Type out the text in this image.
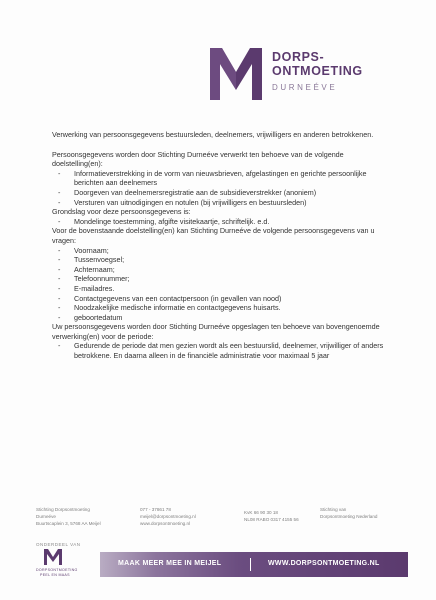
DORPS-
ONTMOETING
DURNEÉVE

Verwerking van persoonsgegevens bestuursleden, deelnemers, vrijwilligers en anderen betrokkenen.

Persoonsgegevens worden door Stichting Durneéve verwerkt ten behoeve van de volgende doelstelling(en):

- Informatieverstrekking in de vorm van nieuwsbrieven, afgelastingen en gerichte persoonlijke berichten aan deelnemers
- Doorgeven van deelnemersregistratie aan de subsidieverstrekker (anoniem)
- Versturen van uitnodigingen en notulen (bij vrijwilligers en bestuursleden)

Grondslag voor deze persoonsgegevens is:

- Mondelinge toestemming, afgifte visitekaartje, schriftelijk. e.d.

Voor de bovenstaande doelstelling(en) kan Stichting Durneéve de volgende persoonsgegevens van u vragen:

- Voornaam;
- Tussenvoegsel;
- Achternaam;
- Telefoonnummer;
- E-mailadres.
- Contactgegevens van een contactpersoon (in gevallen van nood)
- Noodzakelijke medische informatie en contactgegevens huisarts.
- geboortedatum

Uw persoonsgegevens worden door Stichting Durneéve opgeslagen ten behoeve van bovengenoemde verwerking(en) voor de periode:

- Gedurende de periode dat men gezien wordt als een bestuurslid, deelnemer, vrijwilliger of anders betrokkene. En daarna alleen in de financiële administratie voor maximaal 5 jaar
Stichting Dorpsontmoeting
Durneéve
Buurtscaplein 3, 5768 AA Meijel
077 - 37861 78
meijel@dorpsontmoeting.nl
www.dorpsontmoeting.nl
KvK 66 90 30 18
NL08 RABO 0317 4155 56
Stichting van
Dorpsontmoeting Nederland
ONDERDEEL VAN
DORPSONTMOETING
PEEL EN MAAS
MAAK MEER MEE IN MEIJEL	WWW.DORPSONTMOETING.NL
